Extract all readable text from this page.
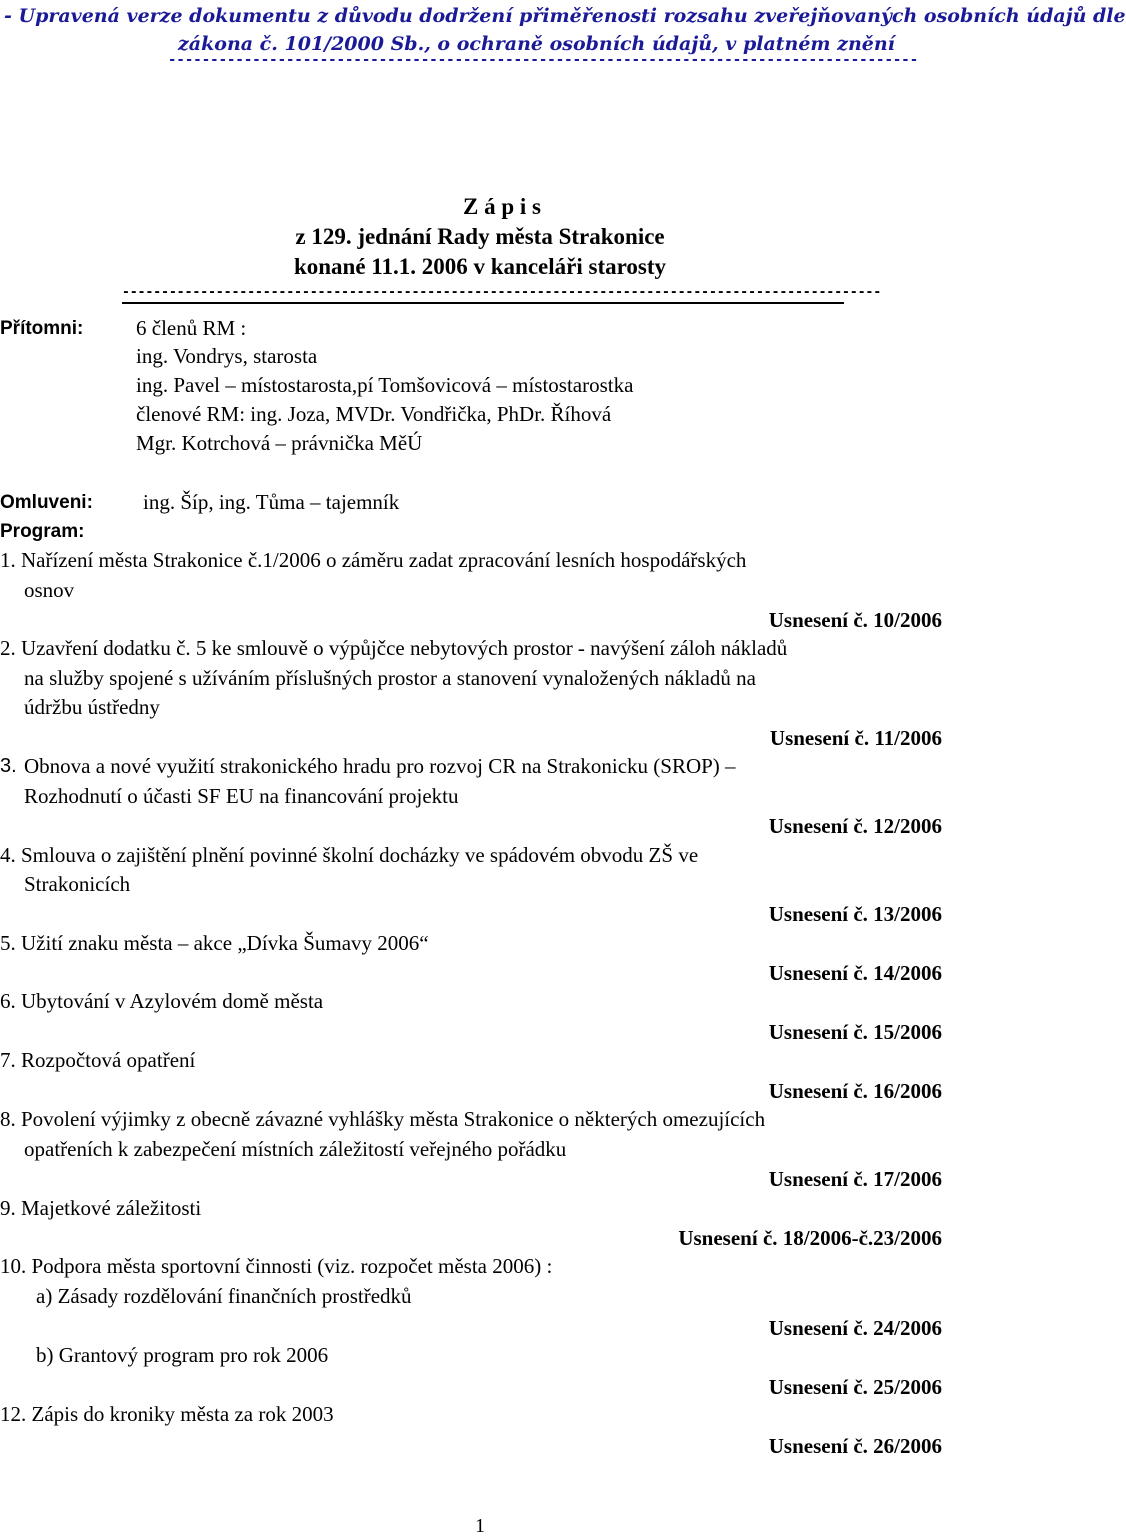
- Upravená verze dokumentu z důvodu dodržení přiměřenosti rozsahu zveřejňovaných osobních údajů dle
zákona č. 101/2000 Sb., o ochraně osobních údajů, v platném znění
-----------------------------------------------------------------------------------------
Z á p i s
z 129. jednání Rady města Strakonice
konané 11.1. 2006 v kanceláři starosty
-------------------------------------------------------------------------------------------------
Přítomni:	6 členů RM :
ing. Vondrys, starosta
ing. Pavel – místostarosta,pí Tomšovicová – místostarostka
členové RM: ing. Joza, MVDr. Vondřička, PhDr. Říhová
Mgr. Kotrchová – právnička MěÚ
Omluveni: ing. Šíp, ing. Tůma – tajemník
Program:
1. Nařízení města Strakonice č.1/2006 o záměru zadat zpracování lesních hospodářských
osnov
Usnesení č. 10/2006
2. Uzavření dodatku č. 5 ke smlouvě o výpůjčce nebytových prostor - navýšení záloh nákladů
na služby spojené s užíváním příslušných prostor a stanovení vynaložených nákladů na
údržbu ústředny
Usnesení č. 11/2006
3. Obnova a nové využití strakonického hradu pro rozvoj CR na Strakonicku (SROP) –
Rozhodnutí o účasti SF EU na financování projektu
Usnesení č. 12/2006
4. Smlouva o zajištění plnění povinné školní docházky ve spádovém obvodu ZŠ ve
Strakonicích
Usnesení č. 13/2006
5. Užití znaku města – akce „Dívka Šumavy 2006“
Usnesení č. 14/2006
6. Ubytování v Azylovém domě města
Usnesení č. 15/2006
7. Rozpočtová opatření
Usnesení č. 16/2006
8. Povolení výjimky z obecně závazné vyhlášky města Strakonice o některých omezujících
opatřeních k zabezpečení místních záležitostí veřejného pořádku
Usnesení č. 17/2006
9. Majetkové záležitosti
Usnesení č. 18/2006-č.23/2006
10. Podpora města sportovní činnosti (viz. rozpočet města 2006) :
a) Zásady rozdělování finančních prostředků
Usnesení č. 24/2006
b) Grantový program pro rok 2006
Usnesení č. 25/2006
12. Zápis do kroniky města za rok 2003
Usnesení č. 26/2006
1
